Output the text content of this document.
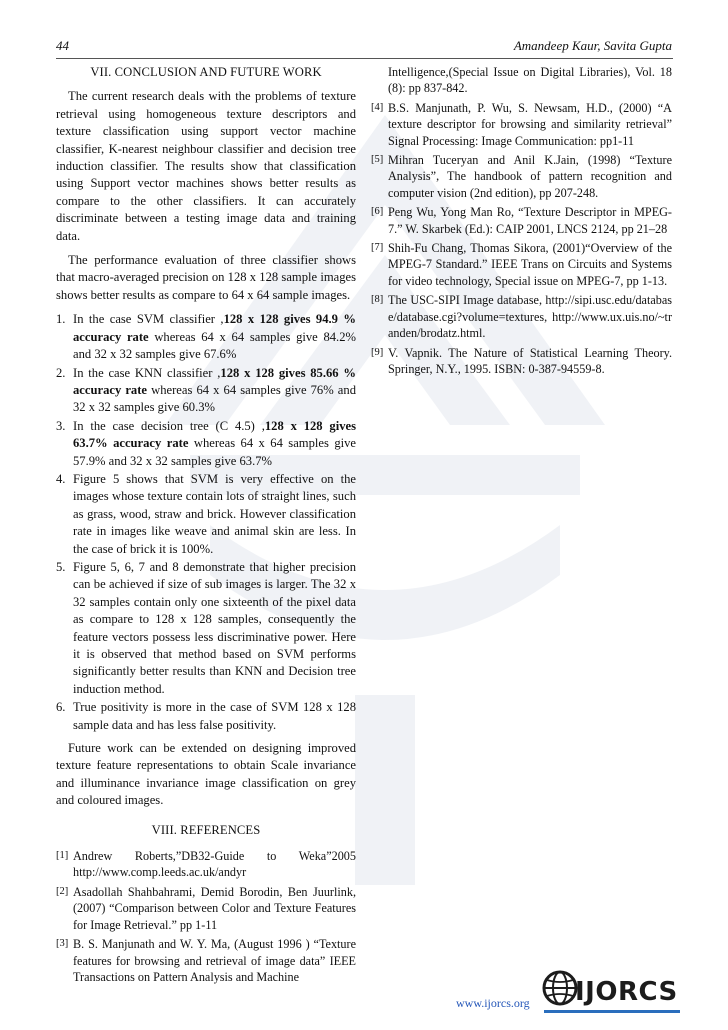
44	Amandeep Kaur, Savita Gupta
VII. CONCLUSION AND FUTURE WORK

The current research deals with the problems of texture retrieval using homogeneous texture descriptors and texture classification using support vector machine classifier, K-nearest neighbour classifier and decision tree induction classifier. The results show that classification using Support vector machines shows better results as compare to the other classifiers. It can accurately discriminate between a testing image data and training data.

The performance evaluation of three classifier shows that macro-averaged precision on 128 x 128 sample images shows better results as compare to 64 x 64 sample images.

1. In the case SVM classifier ,128 x 128 gives 94.9 % accuracy rate whereas 64 x 64 samples give 84.2% and 32 x 32 samples give 67.6%
2. In the case KNN classifier ,128 x 128 gives 85.66 % accuracy rate whereas 64 x 64 samples give 76% and 32 x 32 samples give 60.3%
3. In the case decision tree (C 4.5) ,128 x 128 gives 63.7% accuracy rate whereas 64 x 64 samples give 57.9% and 32 x 32 samples give 63.7%
4. Figure 5 shows that SVM is very effective on the images whose texture contain lots of straight lines, such as grass, wood, straw and brick. However classification rate in images like weave and animal skin are less. In the case of brick it is 100%.
5. Figure 5, 6, 7 and 8 demonstrate that higher precision can be achieved if size of sub images is larger. The 32 x 32 samples contain only one sixteenth of the pixel data as compare to 128 x 128 samples, consequently the feature vectors possess less discriminative power. Here it is observed that method based on SVM performs significantly better results than KNN and Decision tree induction method.
6. True positivity is more in the case of SVM 128 x 128 sample data and has less false positivity.

Future work can be extended on designing improved texture feature representations to obtain Scale invariance and illuminance invariance image classification on grey and coloured images.

VIII. REFERENCES
[1] Andrew Roberts,”DB32-Guide to Weka”2005 http://www.comp.leeds.ac.uk/andyr
[2] Asadollah Shahbahrami, Demid Borodin, Ben Juurlink, (2007) “Comparison between Color and Texture Features for Image Retrieval.” pp 1-11
[3] B. S. Manjunath and W. Y. Ma, (August 1996 ) “Texture features for browsing and retrieval of image data” IEEE Transactions on Pattern Analysis and Machine
Intelligence,(Special Issue on Digital Libraries), Vol. 18 (8): pp 837-842.
[4] B.S. Manjunath, P. Wu, S. Newsam, H.D., (2000) “A texture descriptor for browsing and similarity retrieval” Signal Processing: Image Communication: pp1-11
[5] Mihran Tuceryan and Anil K.Jain, (1998) “Texture Analysis”, The handbook of pattern recognition and computer vision (2nd edition), pp 207-248.
[6] Peng Wu, Yong Man Ro, “Texture Descriptor in MPEG-7.” W. Skarbek (Ed.): CAIP 2001, LNCS 2124, pp 21–28
[7] Shih-Fu Chang, Thomas Sikora, (2001)“Overview of the MPEG-7 Standard.” IEEE Trans on Circuits and Systems for video technology, Special issue on MPEG-7, pp 1-13.
[8] The USC-SIPI Image database, http://sipi.usc.edu/database/database.cgi?volume=textures, http://www.ux.uis.no/~tranden/brodatz.html.
[9] V. Vapnik. The Nature of Statistical Learning Theory. Springer, N.Y., 1995. ISBN: 0-387-94559-8.
www.ijorcs.org IJORCS
